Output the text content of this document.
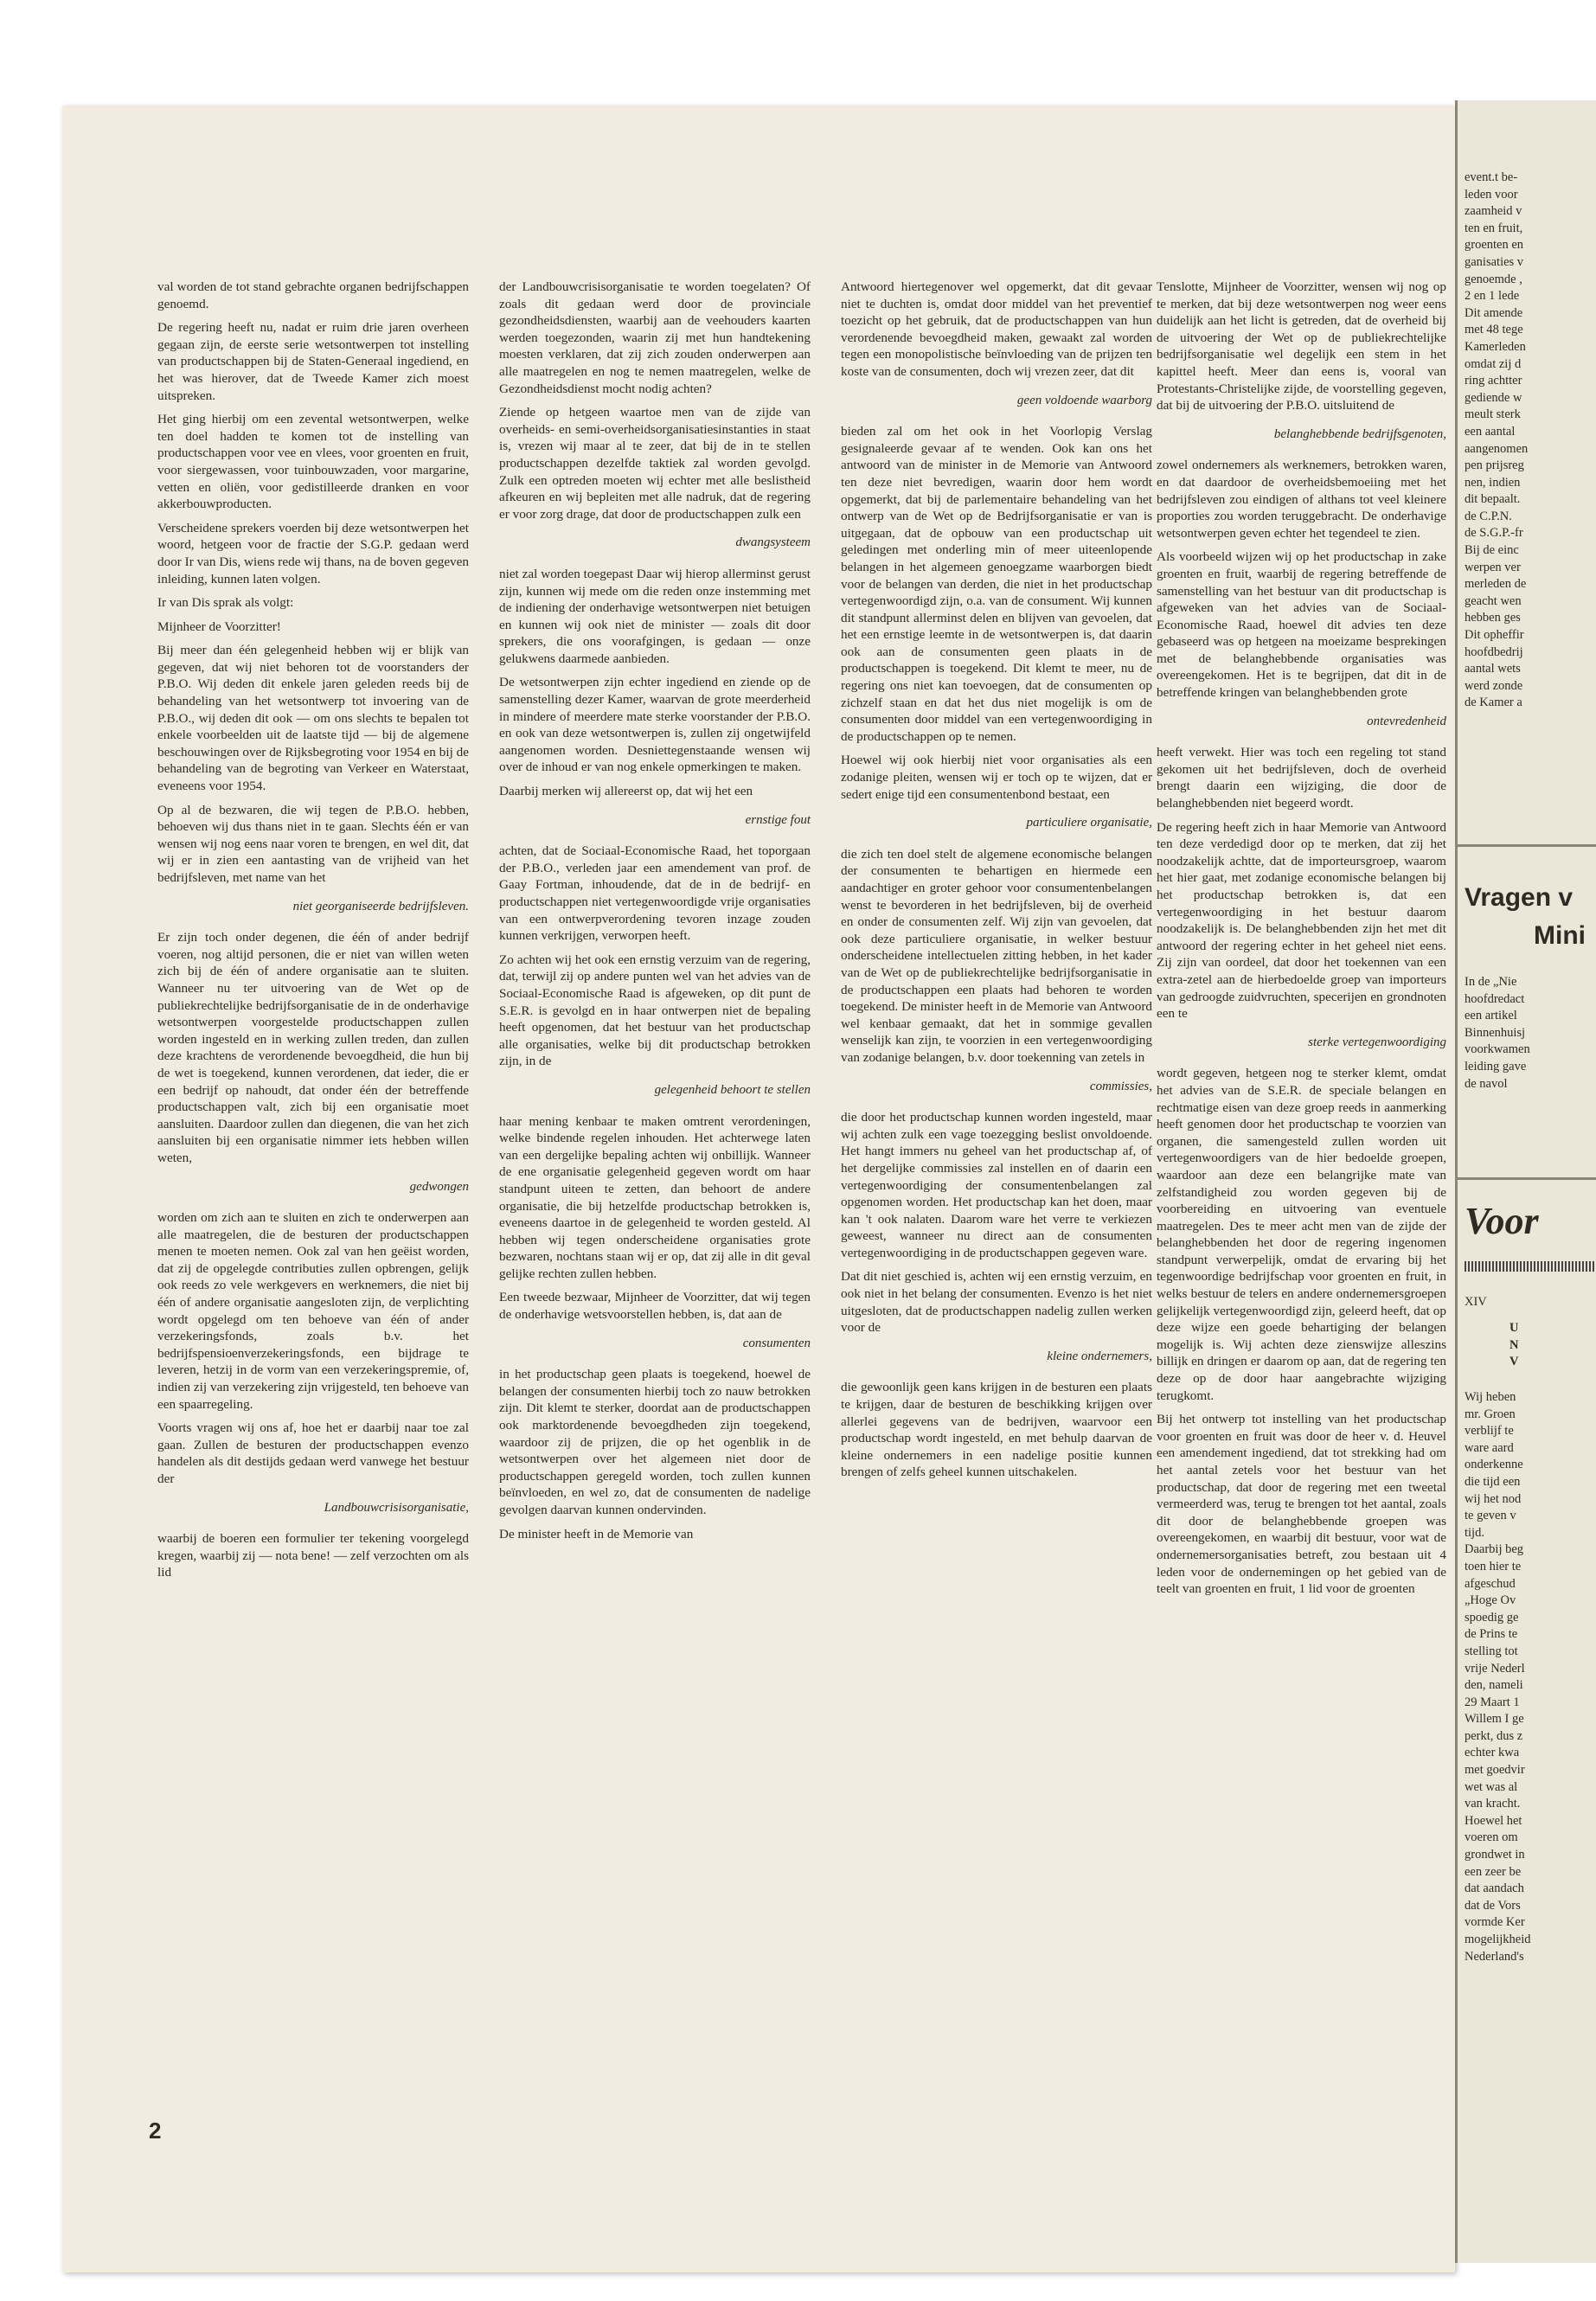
val worden de tot stand gebrachte organen bedrijfschappen genoemd.

De regering heeft nu, nadat er ruim drie jaren overheen gegaan zijn, de eerste serie wetsontwerpen tot instelling van productschappen bij de Staten-Generaal ingediend, en het was hierover, dat de Tweede Kamer zich moest uitspreken.

Het ging hierbij om een zevental wetsontwerpen, welke ten doel hadden te komen tot de instelling van productschappen voor vee en vlees, voor groenten en fruit, voor siergewassen, voor tuinbouwzaden, voor margarine, vetten en oliën, voor gedistilleerde dranken en voor akkerbouwproducten.

Verscheidene sprekers voerden bij deze wetsontwerpen het woord, hetgeen voor de fractie der S.G.P. gedaan werd door Ir van Dis, wiens rede wij thans, na de boven gegeven inleiding, kunnen laten volgen.

Ir van Dis sprak als volgt:

Mijnheer de Voorzitter!

Bij meer dan één gelegenheid hebben wij er blijk van gegeven, dat wij niet behoren tot de voorstanders der P.B.O. Wij deden dit enkele jaren geleden reeds bij de behandeling van het wetsontwerp tot invoering van de P.B.O., wij deden dit ook — om ons slechts te bepalen tot enkele voorbeelden uit de laatste tijd — bij de algemene beschouwingen over de Rijksbegroting voor 1954 en bij de behandeling van de begroting van Verkeer en Waterstaat, eveneens voor 1954.

Op al de bezwaren, die wij tegen de P.B.O. hebben, behoeven wij dus thans niet in te gaan. Slechts één er van wensen wij nog eens naar voren te brengen, en wel dit, dat wij er in zien een aantasting van de vrijheid van het bedrijfsleven, met name van het

niet georganiseerde bedrijfsleven.

Er zijn toch onder degenen, die één of ander bedrijf voeren, nog altijd personen, die er niet van willen weten zich bij de één of andere organisatie aan te sluiten. Wanneer nu ter uitvoering van de Wet op de publiekrechtelijke bedrijfsorganisatie de in de onderhavige wetsontwerpen voorgestelde productschappen zullen worden ingesteld en in werking zullen treden, dan zullen deze krachtens de verordenende bevoegdheid, die hun bij de wet is toegekend, kunnen verordenen, dat ieder, die er een bedrijf op nahoudt, dat onder één der betreffende productschappen valt, zich bij een organisatie moet aansluiten. Daardoor zullen dan diegenen, die van het zich aansluiten bij een organisatie nimmer iets hebben willen weten,

gedwongen

worden om zich aan te sluiten en zich te onderwerpen aan alle maatregelen, die de besturen der productschappen menen te moeten nemen. Ook zal van hen geëist worden, dat zij de opgelegde contributies zullen opbrengen, gelijk ook reeds zo vele werkgevers en werknemers, die niet bij één of andere organisatie aangesloten zijn, de verplichting wordt opgelegd om ten behoeve van één of ander verzekeringsfonds, zoals b.v. het bedrijfspensioenverzekeringsfonds, een bijdrage te leveren, hetzij in de vorm van een verzekeringspremie, of, indien zij van verzekering zijn vrijgesteld, ten behoeve van een spaarregeling.

Voorts vragen wij ons af, hoe het er daarbij naar toe zal gaan. Zullen de besturen der productschappen evenzo handelen als dit destijds gedaan werd vanwege het bestuur der

Landbouwcrisisorganisatie,

waarbij de boeren een formulier ter tekening voorgelegd kregen, waarbij zij — nota bene! — zelf verzochten om als lid

der Landbouwcrisisorganisatie te worden toegelaten? Of zoals dit gedaan werd door de provinciale gezondheidsdiensten, waarbij aan de veehouders kaarten werden toegezonden, waarin zij met hun handtekening moesten verklaren, dat zij zich zouden onderwerpen aan alle maatregelen en nog te nemen maatregelen, welke de Gezondheidsdienst mocht nodig achten?

Ziende op hetgeen waartoe men van de zijde van overheids- en semi-overheidsorganisatiesinstanties in staat is, vrezen wij maar al te zeer, dat bij de in te stellen productschappen dezelfde taktiek zal worden gevolgd. Zulk een optreden moeten wij echter met alle beslistheid afkeuren en wij bepleiten met alle nadruk, dat de regering er voor zorg drage, dat door de productschappen zulk een

dwangsysteem

niet zal worden toegepast Daar wij hierop allerminst gerust zijn, kunnen wij mede om die reden onze instemming met de indiening der onderhavige wetsontwerpen niet betuigen en kunnen wij ook niet de minister — zoals dit door sprekers, die ons voorafgingen, is gedaan — onze gelukwens daarmede aanbieden.

De wetsontwerpen zijn echter ingediend en ziende op de samenstelling dezer Kamer, waarvan de grote meerderheid in mindere of meerdere mate sterke voorstander der P.B.O. en ook van deze wetsontwerpen is, zullen zij ongetwijfeld aangenomen worden. Desniettegenstaande wensen wij over de inhoud er van nog enkele opmerkingen te maken.

Daarbij merken wij allereerst op, dat wij het een

ernstige fout

achten, dat de Sociaal-Economische Raad, het toporgaan der P.B.O., verleden jaar een amendement van prof. de Gaay Fortman, inhoudende, dat de in de bedrijf- en productschappen niet vertegenwoordigde vrije organisaties van een ontwerpverordening tevoren inzage zouden kunnen verkrijgen, verworpen heeft.

Zo achten wij het ook een ernstig verzuim van de regering, dat, terwijl zij op andere punten wel van het advies van de Sociaal-Economische Raad is afgeweken, op dit punt de S.E.R. is gevolgd en in haar ontwerpen niet de bepaling heeft opgenomen, dat het bestuur van het productschap alle organisaties, welke bij dit productschap betrokken zijn, in de

gelegenheid behoort te stellen

haar mening kenbaar te maken omtrent verordeningen, welke bindende regelen inhouden. Het achterwege laten van een dergelijke bepaling achten wij onbillijk. Wanneer de ene organisatie gelegenheid gegeven wordt om haar standpunt uiteen te zetten, dan behoort de andere organisatie, die bij hetzelfde productschap betrokken is, eveneens daartoe in de gelegenheid te worden gesteld. Al hebben wij tegen onderscheidene organisaties grote bezwaren, nochtans staan wij er op, dat zij alle in dit geval gelijke rechten zullen hebben.

Een tweede bezwaar, Mijnheer de Voorzitter, dat wij tegen de onderhavige wetsvoorstellen hebben, is, dat aan de

consumenten

in het productschap geen plaats is toegekend, hoewel de belangen der consumenten hierbij toch zo nauw betrokken zijn. Dit klemt te sterker, doordat aan de productschappen ook marktordenende bevoegdheden zijn toegekend, waardoor zij de prijzen, die op het ogenblik in de wetsontwerpen over het algemeen niet door de productschappen geregeld worden, toch zullen kunnen beïnvloeden, en wel zo, dat de consumenten de nadelige gevolgen daarvan kunnen ondervinden.

De minister heeft in de Memorie van

Antwoord hiertegenover wel opgemerkt, dat dit gevaar niet te duchten is, omdat door middel van het preventief toezicht op het gebruik, dat de productschappen van hun verordenende bevoegdheid maken, gewaakt zal worden tegen een monopolistische beïnvloeding van de prijzen ten koste van de consumenten, doch wij vrezen zeer, dat dit

geen voldoende waarborg

bieden zal om het ook in het Voorlopig Verslag gesignaleerde gevaar af te wenden. Ook kan ons het antwoord van de minister in de Memorie van Antwoord ten deze niet bevredigen, waarin door hem wordt opgemerkt, dat bij de parlementaire behandeling van het ontwerp van de Wet op de Bedrijfsorganisatie er van is uitgegaan, dat de opbouw van een productschap uit geledingen met onderling min of meer uiteenlopende belangen in het algemeen genoegzame waarborgen biedt voor de belangen van derden, die niet in het productschap vertegenwoordigd zijn, o.a. van de consument. Wij kunnen dit standpunt allerminst delen en blijven van gevoelen, dat het een ernstige leemte in de wetsontwerpen is, dat daarin ook aan de consumenten geen plaats in de productschappen is toegekend. Dit klemt te meer, nu de regering ons niet kan toevoegen, dat de consumenten op zichzelf staan en dat het dus niet mogelijk is om de consumenten door middel van een vertegenwoordiging in de productschappen op te nemen.

Hoewel wij ook hierbij niet voor organisaties als een zodanige pleiten, wensen wij er toch op te wijzen, dat er sedert enige tijd een consumentenbond bestaat, een

particuliere organisatie,

die zich ten doel stelt de algemene economische belangen der consumenten te behartigen en hiermede een aandachtiger en groter gehoor voor consumentenbelangen wenst te bevorderen in het bedrijfsleven, bij de overheid en onder de consumenten zelf. Wij zijn van gevoelen, dat ook deze particuliere organisatie, in welker bestuur onderscheidene intellectuelen zitting hebben, in het kader van de Wet op de publiekrechtelijke bedrijfsorganisatie in de productschappen een plaats had behoren te worden toegekend. De minister heeft in de Memorie van Antwoord wel kenbaar gemaakt, dat het in sommige gevallen wenselijk kan zijn, te voorzien in een vertegenwoordiging van zodanige belangen, b.v. door toekenning van zetels in

commissies,

die door het productschap kunnen worden ingesteld, maar wij achten zulk een vage toezegging beslist onvoldoende. Het hangt immers nu geheel van het productschap af, of het dergelijke commissies zal instellen en of daarin een vertegenwoordiging der consumentenbelangen zal opgenomen worden. Het productschap kan het doen, maar kan 't ook nalaten. Daarom ware het verre te verkiezen geweest, wanneer nu direct aan de consumenten vertegenwoordiging in de productschappen gegeven ware.

Dat dit niet geschied is, achten wij een ernstig verzuim, en ook niet in het belang der consumenten. Evenzo is het niet uitgesloten, dat de productschappen nadelig zullen werken voor de

kleine ondernemers,

die gewoonlijk geen kans krijgen in de besturen een plaats te krijgen, daar de besturen de beschikking krijgen over allerlei gegevens van de bedrijven, waarvoor een productschap wordt ingesteld, en met behulp daarvan de kleine ondernemers in een nadelige positie kunnen brengen of zelfs geheel kunnen uitschakelen.

Tenslotte, Mijnheer de Voorzitter, wensen wij nog op te merken, dat bij deze wetsontwerpen nog weer eens duidelijk aan het licht is getreden, dat de overheid bij de uitvoering der Wet op de publiekrechtelijke bedrijfsorganisatie wel degelijk een stem in het kapittel heeft. Meer dan eens is, vooral van Protestants-Christelijke zijde, de voorstelling gegeven, dat bij de uitvoering der P.B.O. uitsluitend de

belanghebbende bedrijfsgenoten,

zowel ondernemers als werknemers, betrokken waren, en dat daardoor de overheidsbemoeiing met het bedrijfsleven zou eindigen of althans tot veel kleinere proporties zou worden teruggebracht. De onderhavige wetsontwerpen geven echter het tegendeel te zien.

Als voorbeeld wijzen wij op het productschap in zake groenten en fruit, waarbij de regering betreffende de samenstelling van het bestuur van dit productschap is afgeweken van het advies van de Sociaal-Economische Raad, hoewel dit advies ten deze gebaseerd was op hetgeen na moeizame besprekingen met de belanghebbende organisaties was overeengekomen. Het is te begrijpen, dat dit in de betreffende kringen van belanghebbenden grote

ontevredenheid

heeft verwekt. Hier was toch een regeling tot stand gekomen uit het bedrijfsleven, doch de overheid brengt daarin een wijziging, die door de belanghebbenden niet begeerd wordt.

De regering heeft zich in haar Memorie van Antwoord ten deze verdedigd door op te merken, dat zij het noodzakelijk achtte, dat de importeursgroep, waarom het hier gaat, met zodanige economische belangen bij het productschap betrokken is, dat een vertegenwoordiging in het bestuur daarom noodzakelijk is. De belanghebbenden zijn het met dit antwoord der regering echter in het geheel niet eens. Zij zijn van oordeel, dat door het toekennen van een extra-zetel aan de hierbedoelde groep van importeurs van gedroogde zuidvruchten, specerijen en grondnoten een te

sterke vertegenwoordiging

wordt gegeven, hetgeen nog te sterker klemt, omdat het advies van de S.E.R. de speciale belangen en rechtmatige eisen van deze groep reeds in aanmerking heeft genomen door het productschap te voorzien van organen, die samengesteld zullen worden uit vertegenwoordigers van de hier bedoelde groepen, waardoor aan deze een belangrijke mate van zelfstandigheid zou worden gegeven bij de voorbereiding en uitvoering van eventuele maatregelen. Des te meer acht men van de zijde der belanghebbenden het door de regering ingenomen standpunt verwerpelijk, omdat de ervaring bij het tegenwoordige bedrijfschap voor groenten en fruit, in welks bestuur de telers en andere ondernemersgroepen gelijkelijk vertegenwoordigd zijn, geleerd heeft, dat op deze wijze een goede behartiging der belangen mogelijk is. Wij achten deze zienswijze alleszins billijk en dringen er daarom op aan, dat de regering ten deze op de door haar aangebrachte wijziging terugkomt.

Bij het ontwerp tot instelling van het productschap voor groenten en fruit was door de heer v. d. Heuvel een amendement ingediend, dat tot strekking had om het aantal zetels voor het bestuur van het productschap, dat door de regering met een tweetal vermeerderd was, terug te brengen tot het aantal, zoals dit door de belanghebbende groepen was overeengekomen, en waarbij dit bestuur, voor wat de ondernemersorganisaties betreft, zou bestaan uit 4 leden voor de ondernemingen op het gebied van de teelt van groenten en fruit, 1 lid voor de groenten

2

event.t be-

leden voor

zaamheid v

ten en fruit,

groenten en

ganisaties v

genoemde ,

2 en 1 lede

Dit amende

met 48 tege

Kamerleden

omdat zij d

ring achtter

gediende w

meult sterk

een aantal

aangenomen

pen prijsreg

nen, indien

dit bepaalt.

de C.P.N.

de S.G.P.-fr

Bij de einc

werpen ver

merleden de

geacht wen

hebben ges

Dit opheffir

hoofdbedrij

aantal wets

werd zonde

de Kamer a

Vragen v
Mini

In de „Nie

hoofdredact

een artikel

Binnenhuisj

voorkwamen

leiding gave

de navol

Voor
XIV

U

N

V

Wij heben

mr. Groen

verblijf te

ware aard

onderkenne

die tijd een

wij het nod

te geven v

tijd.

Daarbij beg

toen hier te

afgeschud

„Hoge Ov

spoedig ge

de Prins te

stelling tot

vrije Nederl

den, nameli

29 Maart 1

Willem I ge

perkt, dus z

echter kwa

met goedvir

wet was al

van kracht.

Hoewel het

voeren om

grondwet in

een zeer be

dat aandach

dat de Vors

vormde Ker

mogelijkheid

Nederland's
